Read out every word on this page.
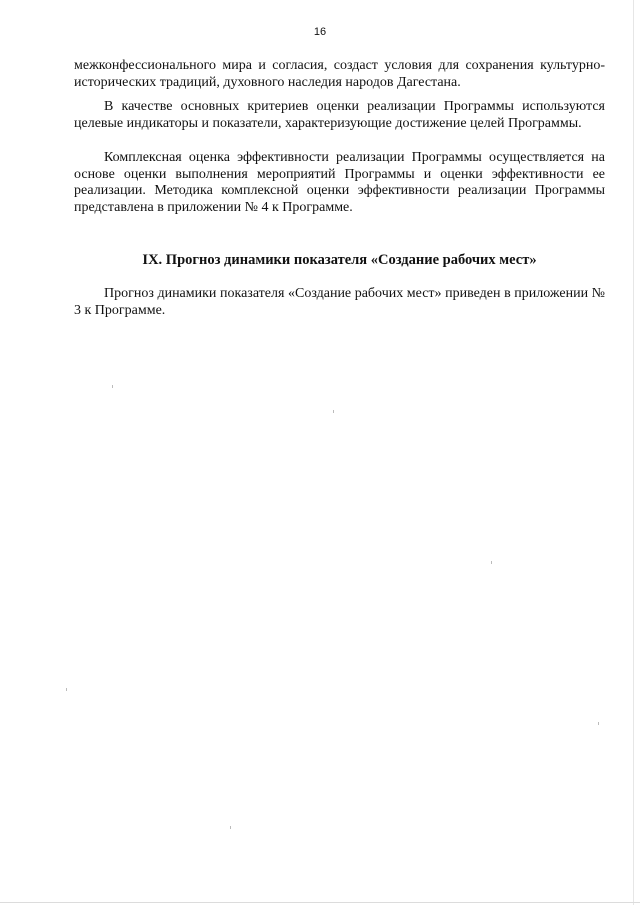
16

межконфессионального мира и согласия, создаст условия для сохранения культурно-исторических традиций, духовного наследия народов Дагестана.

В качестве основных критериев оценки реализации Программы используются целевые индикаторы и показатели, характеризующие достижение целей Программы.

Комплексная оценка эффективности реализации Программы осуществляется на основе оценки выполнения мероприятий Программы и оценки эффективности ее реализации. Методика комплексной оценки эффективности реализации Программы представлена в приложении № 4 к Программе.

IX. Прогноз динамики показателя «Создание рабочих мест»

Прогноз динамики показателя «Создание рабочих мест» приведен в приложении № 3 к Программе.
